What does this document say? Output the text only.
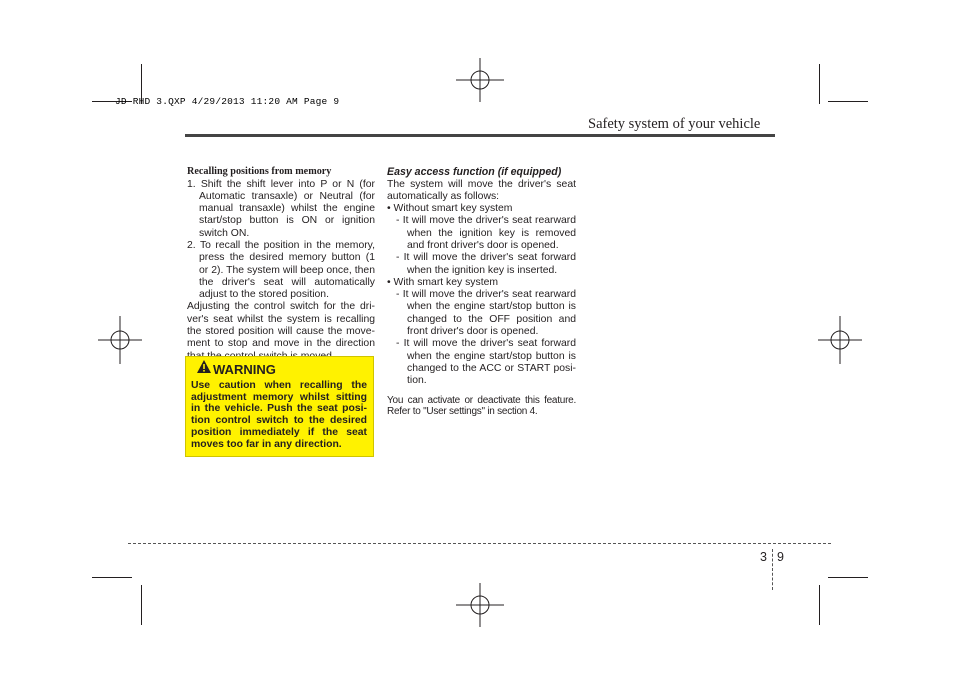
JD RHD 3.QXP 4/29/2013 11:20 AM Page 9
Safety system of your vehicle
Recalling positions from memory
1. Shift the shift lever into P or N (for Automatic transaxle) or Neutral (for manual transaxle) whilst the engine start/stop button is ON or ignition switch ON.
2. To recall the position in the memory, press the desired memory button (1 or 2). The system will beep once, then the driver's seat will automatically adjust to the stored position.
Adjusting the control switch for the dri-ver's seat whilst the system is recalling the stored position will cause the move-ment to stop and move in the direction
WARNING
Use caution when recalling the adjustment memory whilst sitting in the vehicle. Push the seat posi-tion control switch to the desired position immediately if the seat moves too far in any direction.
Easy access function (if equipped)
The system will move the driver's seat automatically as follows:
• Without smart key system
- It will move the driver's seat rearward when the ignition key is removed and front driver's door is opened.
- It will move the driver's seat forward when the ignition key is inserted.
• With smart key system
- It will move the driver's seat rearward when the engine start/stop button is changed to the OFF position and front driver's door is opened.
- It will move the driver's seat forward when the engine start/stop button is changed to the ACC or START posi-tion.
You can activate or deactivate this feature. Refer to "User settings" in section 4.
3 9
